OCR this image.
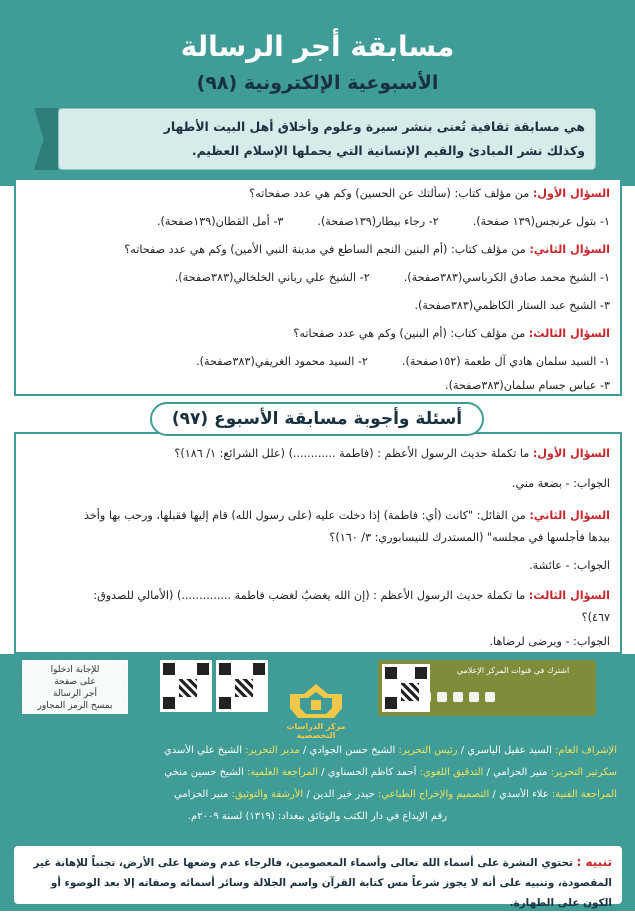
مسابقة أجر الرسالة
الأسبوعية الإلكترونية (٩٨)
هي مسابقة ثقافية تُعنى بنشر سيرة وعلوم وأخلاق أهل البيت الأطهار
وكذلك نشر المبادئ والقيم الإنسانية التي يحملها الإسلام العظيم.
السؤال الأول: من مؤلف كتاب: (سألتك عن الحسين) وكم هي عدد صفحاته؟
١- بتول عرنجس(١٣٩ صفحة).
٢- رجاء بيطار(١٣٩صفحة).
٣- أمل القطان(١٣٩صفحة).
السؤال الثاني: من مؤلف كتاب: (أم البنين النجم الساطع في مدينة النبي الأمين) وكم هي عدد صفحاته؟
١- الشيخ محمد صادق الكرباسي(٣٨٣صفحة).
٢- الشيخ علي رباني الخلخالي(٣٨٣صفحة).
٣- الشيخ عبد الستار الكاظمي(٣٨٣صفحة).
السؤال الثالث: من مؤلف كتاب: (أم البنين) وكم هي عدد صفحاته؟
١- السيد سلمان هادي آل طعمة (١٥٢صفحة).
٢- السيد محمود الغريفي(٣٨٣صفحة).
٣- عباس جسام سلمان(٣٨٣صفحة).
السؤال الأول: ما تكملة حديث الرسول الأعظم : (فاطمة ............) (علل الشرائع: ١/ ١٨٦)؟
الجواب: - بضعة مني.
السؤال الثاني: من القائل: "كانت (أي: فاطمة) إذا دخلت عليه (على رسول الله) قام إليها فقبلها، ورحب بها وأخذ
بيدها فأجلسها في مجلسه" (المستدرك للنيسابوري: ٣/ ١٦٠)؟
الجواب: - عائشة.
السؤال الثالث: ما تكملة حديث الرسول الأعظم : (إن الله يغضبُ لغضب فاطمة ..............) (الأمالي للصدوق:
٤٦٧)؟
الجواب: - ويرضى لرضاها.
أسئلة وأجوبة مسابقة الأسبوع (٩٧)
للإجابة ادخلوا
على صفحة
أجر الرسالة
بمسح الرمز المجاور
مركز الدراسات التخصصية
اشترك في قنوات المركز الإعلامي
الإشراف العام: السيد عقيل الياسري / رئيس التحرير: الشيخ حسن الجوادي / مدير التحرير: الشيخ علي الأسدي
سكرتير التحرير: منير الحزامي / التدقيق اللغوي: أحمد كاظم الحسناوي / المراجعة العلمية: الشيخ حسين منخي
المراجعة الفنية: علاء الأسدي / التصميم والإخراج الطباعي: حيدر خير الدين / الأرشفة والتوثيق: منير الحزامي
رقم الإيداع في دار الكتب والوثائق ببغداد: (١٣١٩) لسنة ٢٠٠٩م.
تنبيه : تحتوي النشرة على أسماء الله تعالى وأسماء المعصومين، فالرجاء عدم وضعها على الأرض، تجنباً للإهانة غير
المقصودة، وتنبيه على أنه لا يجوز شرعاً مس كتابة القرآن واسم الجلالة وسائر أسمائه وصفاته إلا بعد الوضوء أو الكون على الطهارة.
